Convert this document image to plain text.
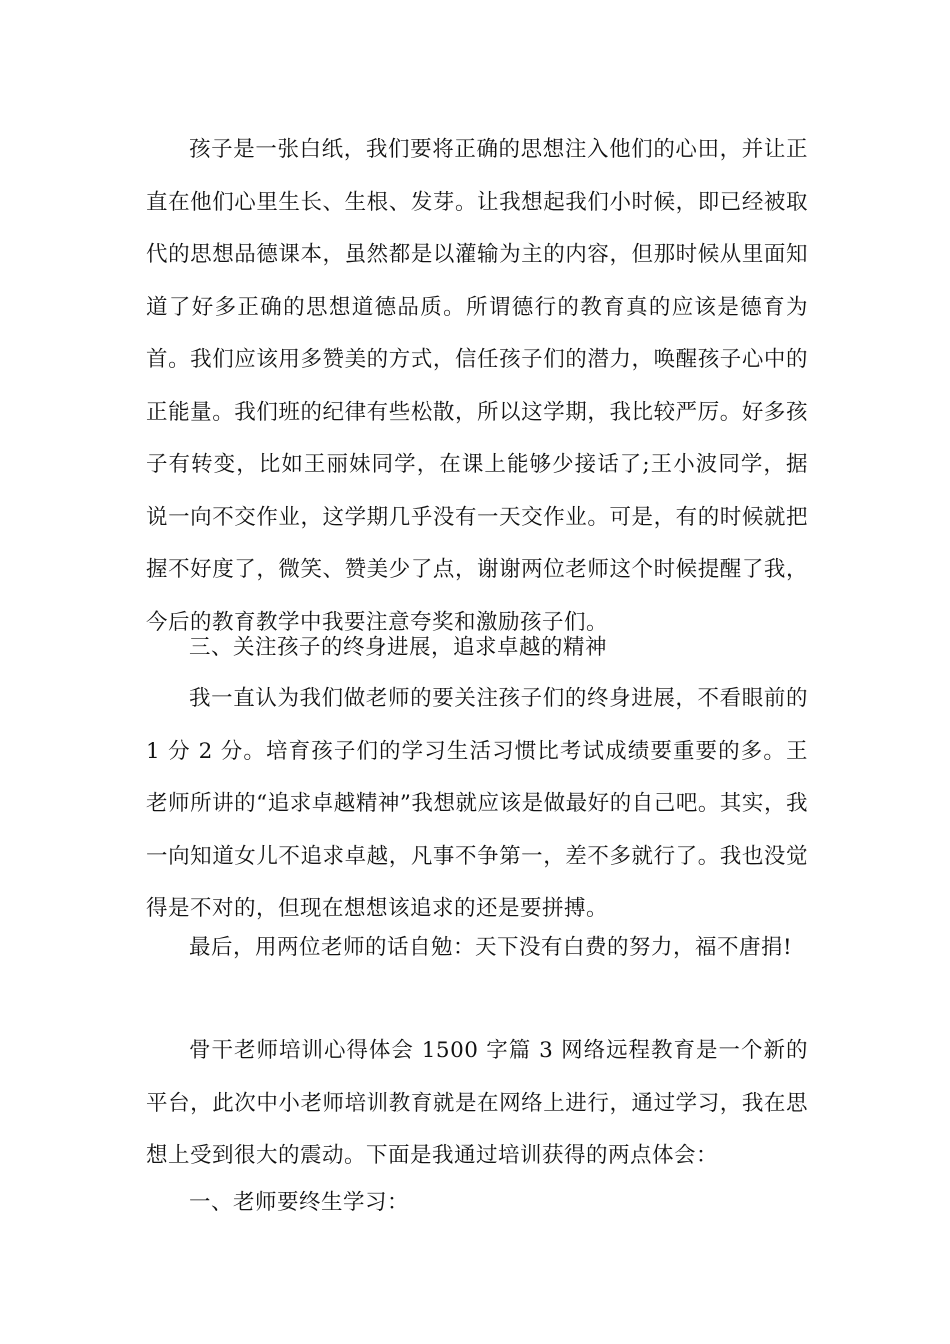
孩子是一张白纸，我们要将正确的思想注入他们的心田，并让正直在他们心里生长、生根、发芽。让我想起我们小时候，即已经被取代的思想品德课本，虽然都是以灌输为主的内容，但那时候从里面知道了好多正确的思想道德品质。所谓德行的教育真的应该是德育为首。我们应该用多赞美的方式，信任孩子们的潜力，唤醒孩子心中的正能量。我们班的纪律有些松散，所以这学期，我比较严厉。好多孩子有转变，比如王丽妹同学，在课上能够少接话了;王小波同学，据说一向不交作业，这学期几乎没有一天交作业。可是，有的时候就把握不好度了，微笑、赞美少了点，谢谢两位老师这个时候提醒了我，今后的教育教学中我要注意夸奖和激励孩子们。

三、关注孩子的终身进展，追求卓越的精神

我一直认为我们做老师的要关注孩子们的终身进展，不看眼前的 1 分 2 分。培育孩子们的学习生活习惯比考试成绩要重要的多。王老师所讲的“追求卓越精神”我想就应该是做最好的自己吧。其实，我一向知道女儿不追求卓越，凡事不争第一，差不多就行了。我也没觉得是不对的，但现在想想该追求的还是要拼搏。

最后，用两位老师的话自勉：天下没有白费的努力，福不唐捐!

骨干老师培训心得体会 1500 字篇 3 网络远程教育是一个新的平台，此次中小老师培训教育就是在网络上进行，通过学习，我在思想上受到很大的震动。下面是我通过培训获得的两点体会：

一、老师要终生学习：
